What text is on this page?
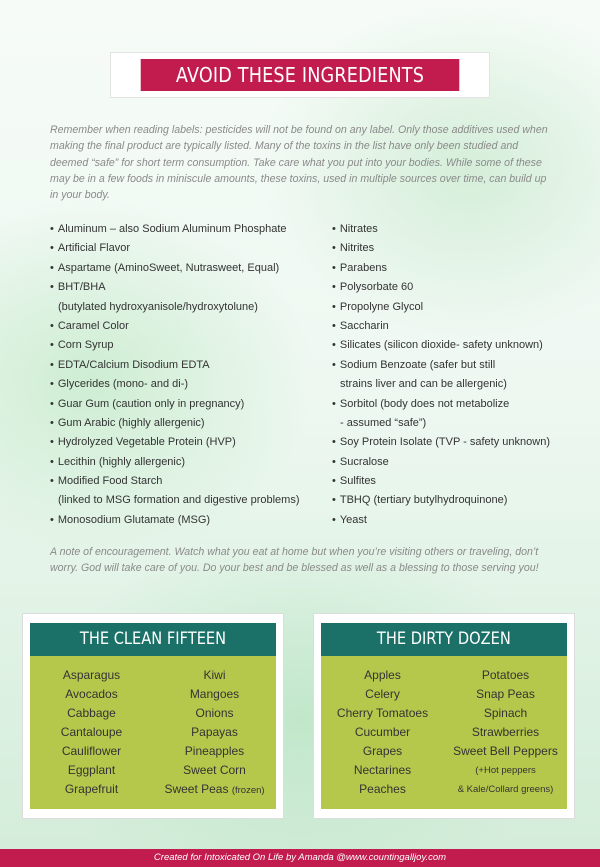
AVOID THESE INGREDIENTS

Remember when reading labels: pesticides will not be found on any label. Only those additives used when making the final product are typically listed. Many of the toxins in the list have only been studied and deemed “safe” for short term consumption. Take care what you put into your bodies. While some of these may be in a few foods in miniscule amounts, these toxins, used in multiple sources over time, can build up in your body.

• Aluminum – also Sodium Aluminum Phosphate
• Artificial Flavor
• Aspartame (AminoSweet, Nutrasweet, Equal)
• BHT/BHA
(butylated hydroxyanisole/hydroxytolune)
• Caramel Color
• Corn Syrup
• EDTA/Calcium Disodium EDTA
• Glycerides (mono- and di-)
• Guar Gum (caution only in pregnancy)
• Gum Arabic (highly allergenic)
• Hydrolyzed Vegetable Protein (HVP)
• Lecithin (highly allergenic)
• Modified Food Starch
(linked to MSG formation and digestive problems)
• Monosodium Glutamate (MSG)
• Nitrates
• Nitrites
• Parabens
• Polysorbate 60
• Propolyne Glycol
• Saccharin
• Silicates (silicon dioxide- safety unknown)
• Sodium Benzoate (safer but still
strains liver and can be allergenic)
• Sorbitol (body does not metabolize
- assumed “safe”)
• Soy Protein Isolate (TVP - safety unknown)
• Sucralose
• Sulfites
• TBHQ (tertiary butylhydroquinone)
• Yeast

A note of encouragement. Watch what you eat at home but when you’re visiting others or traveling, don’t worry. God will take care of you. Do your best and be blessed as well as a blessing to those serving you!

THE CLEAN FIFTEEN
Asparagus
Avocados
Cabbage
Cantaloupe
Cauliflower
Eggplant
Grapefruit
Kiwi
Mangoes
Onions
Papayas
Pineapples
Sweet Corn
Sweet Peas (frozen)
THE DIRTY DOZEN
Apples
Celery
Cherry Tomatoes
Cucumber
Grapes
Nectarines
Peaches
Potatoes
Snap Peas
Spinach
Strawberries
Sweet Bell Peppers
(+Hot peppers
& Kale/Collard greens)
Created for Intoxicated On Life by Amanda @www.countingalljoy.com
